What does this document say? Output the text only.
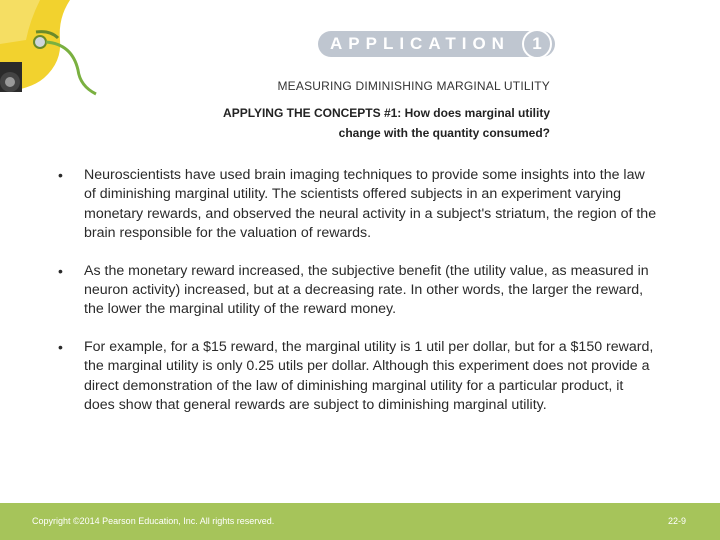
APPLICATION	1
MEASURING DIMINISHING MARGINAL UTILITY
APPLYING THE CONCEPTS #1: How does marginal utility
change with the quantity consumed?
• Neuroscientists have used brain imaging techniques to provide some insights into the law of diminishing marginal utility. The scientists offered subjects in an experiment varying monetary rewards, and observed the neural activity in a subject's striatum, the region of the brain responsible for the valuation of rewards.
• As the monetary reward increased, the subjective benefit (the utility value, as measured in neuron activity) increased, but at a decreasing rate. In other words, the larger the reward, the lower the marginal utility of the reward money.
• For example, for a $15 reward, the marginal utility is 1 util per dollar, but for a $150 reward, the marginal utility is only 0.25 utils per dollar. Although this experiment does not provide a direct demonstration of the law of diminishing marginal utility for a particular product, it does show that general rewards are subject to diminishing marginal utility.
Copyright ©2014 Pearson Education, Inc. All rights reserved.	22-9
